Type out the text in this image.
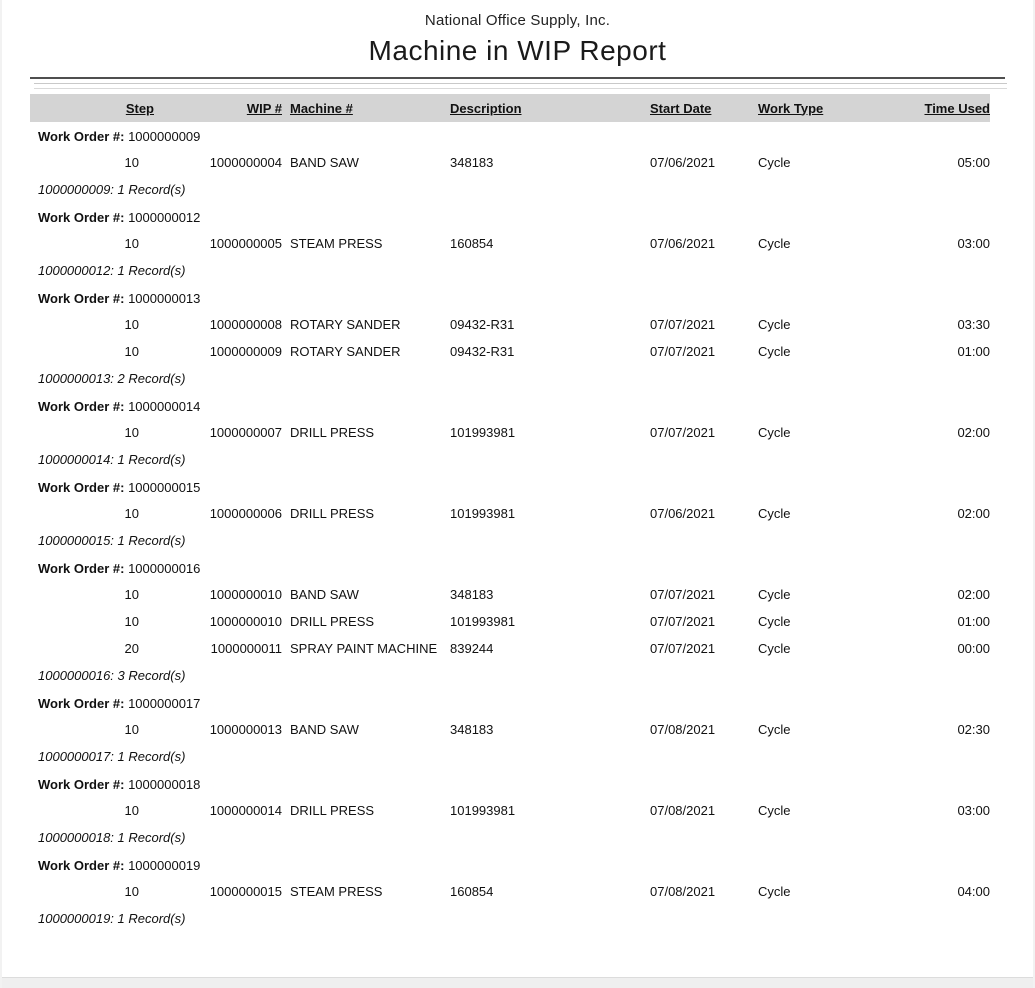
National Office Supply, Inc.
Machine in WIP Report
Step	WIP # Machine #	Description	Start Date	Work Type	Time Used
Work Order #: 1000000009
10	1000000004 BAND SAW	348183	07/06/2021	Cycle	05:00
1000000009: 1 Record(s)
Work Order #: 1000000012
10	1000000005 STEAM PRESS	160854	07/06/2021	Cycle	03:00
1000000012: 1 Record(s)
Work Order #: 1000000013
10	1000000008 ROTARY SANDER	09432-R31	07/07/2021	Cycle	03:30
10	1000000009 ROTARY SANDER	09432-R31	07/07/2021	Cycle	01:00
1000000013: 2 Record(s)
Work Order #: 1000000014
10	1000000007 DRILL PRESS	101993981	07/07/2021	Cycle	02:00
1000000014: 1 Record(s)
Work Order #: 1000000015
10	1000000006 DRILL PRESS	101993981	07/06/2021	Cycle	02:00
1000000015: 1 Record(s)
Work Order #: 1000000016
10	1000000010 BAND SAW	348183	07/07/2021	Cycle	02:00
10	1000000010 DRILL PRESS	101993981	07/07/2021	Cycle	01:00
20	1000000011 SPRAY PAINT MACHINE 839244	07/07/2021	Cycle	00:00
1000000016: 3 Record(s)
Work Order #: 1000000017
10	1000000013 BAND SAW	348183	07/08/2021	Cycle	02:30
1000000017: 1 Record(s)
Work Order #: 1000000018
10	1000000014 DRILL PRESS	101993981	07/08/2021	Cycle	03:00
1000000018: 1 Record(s)
Work Order #: 1000000019
10	1000000015 STEAM PRESS	160854	07/08/2021	Cycle	04:00
1000000019: 1 Record(s)
